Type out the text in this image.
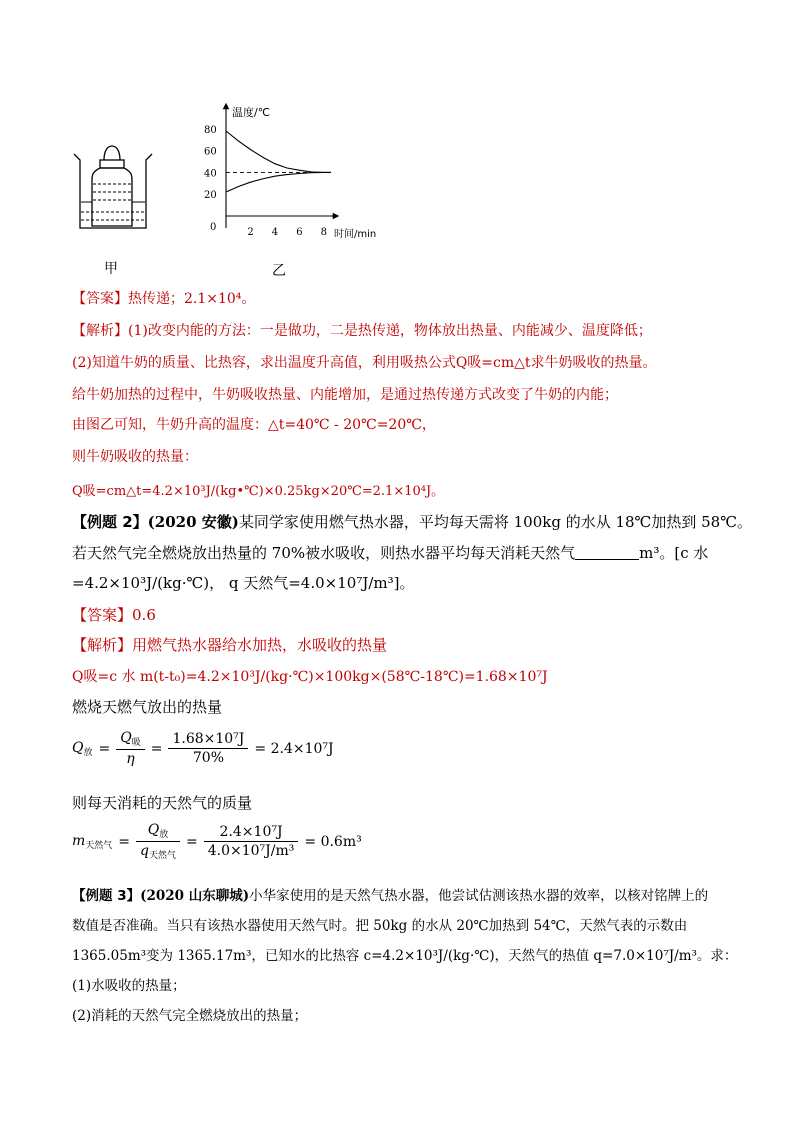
甲
温度/℃
时间/min
20
40
60
80
0	2 4 6 8
乙
【答案】热传递；2.1×10⁴。
【解析】(1)改变内能的方法：一是做功，二是热传递，物体放出热量、内能减少、温度降低；
(2)知道牛奶的质量、比热容，求出温度升高值，利用吸热公式Q吸=cm△t求牛奶吸收的热量。
给牛奶加热的过程中，牛奶吸收热量、内能增加，是通过热传递方式改变了牛奶的内能；
由图乙可知，牛奶升高的温度：△t=40℃ - 20℃=20℃，
则牛奶吸收的热量：
Q吸=cm△t=4.2×10³J/(kg•℃)×0.25kg×20℃=2.1×10⁴J。
【例题 2】(2020 安徽)某同学家使用燃气热水器，平均每天需将 100kg 的水从 18℃加热到 58℃。
若天然气完全燃烧放出热量的 70%被水吸收，则热水器平均每天消耗天然气	m³。[c 水
=4.2×10³J/(kg·℃)， q 天然气=4.0×10⁷J/m³]。
【答案】0.6
【解析】用燃气热水器给水加热，水吸收的热量
Q吸=c 水 m(t-t₀)=4.2×10³J/(kg·℃)×100kg×(58℃-18℃)=1.68×10⁷J
燃烧天燃气放出的热量
$Q_放 = \frac{Q_吸}{\eta} = \frac{\text{1.68×10⁷J}}{70\%} = 2.4\times 10^7J$
则每天消耗的天然气的质量
$m_{天然气} = \frac{Q_放}{q_{天然气}} = \frac{\text{2.4×10⁷J}}{\text{4.0×10⁷J/m³}} = 0.6m^3$
【例题 3】(2020 山东聊城)小华家使用的是天然气热水器，他尝试估测该热水器的效率，以核对铭牌上的
数值是否准确。当只有该热水器使用天然气时。把 50kg 的水从 20℃加热到 54℃，天然气表的示数由
1365.05m³变为 1365.17m³，已知水的比热容 c=4.2×10³J/(kg·℃)，天然气的热值 q=7.0×10⁷J/m³。求：
(1)水吸收的热量；
(2)消耗的天然气完全燃烧放出的热量；
